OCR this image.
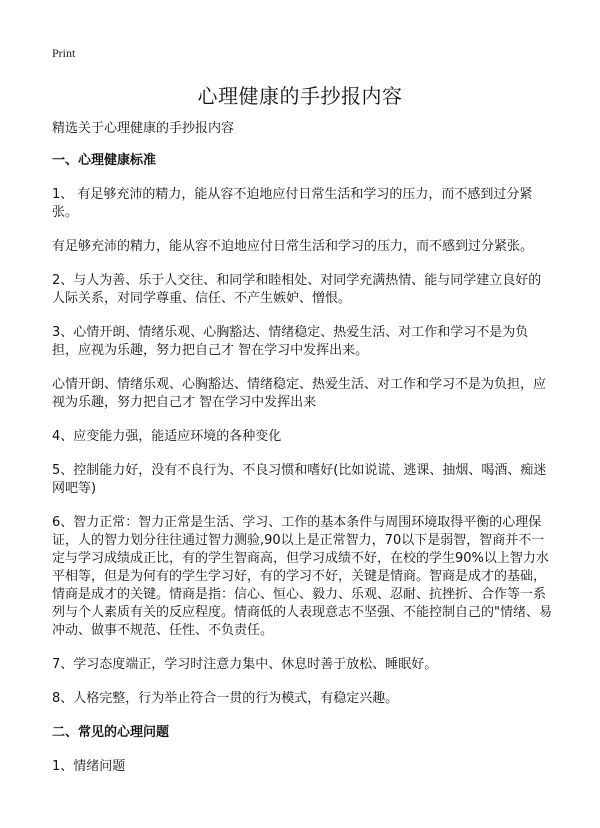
Print
心理健康的手抄报内容

精选关于心理健康的手抄报内容

一、心理健康标准

1、 有足够充沛的精力，能从容不迫地应付日常生活和学习的压力，而不感到过分紧张。

有足够充沛的精力，能从容不迫地应付日常生活和学习的压力，而不感到过分紧张。

2、与人为善、乐于人交往、和同学和睦相处、对同学充满热情、能与同学建立良好的人际关系，对同学尊重、信任、不产生嫉妒、憎恨。

3、心情开朗、情绪乐观、心胸豁达、情绪稳定、热爱生活、对工作和学习不是为负担，应视为乐趣，努力把自己才 智在学习中发挥出来。

心情开朗、情绪乐观、心胸豁达、情绪稳定、热爱生活、对工作和学习不是为负担，应视为乐趣，努力把自己才 智在学习中发挥出来

4、应变能力强，能适应环境的各种变化

5、控制能力好，没有不良行为、不良习惯和嗜好(比如说谎、逃课、抽烟、喝酒、痴迷网吧等)

6、智力正常：智力正常是生活、学习、工作的基本条件与周围环境取得平衡的心理保证，人的智力划分往往通过智力测验,90以上是正常智力，70以下是弱智，智商并不一定与学习成绩成正比，有的学生智商高，但学习成绩不好，在校的学生90%以上智力水平相等，但是为何有的学生学习好，有的学习不好，关键是情商。智商是成才的基础，情商是成才的关键。情商是指：信心、恒心、毅力、乐观、忍耐、抗挫折、合作等一系列与个人素质有关的反应程度。情商低的人表现意志不坚强、不能控制自己的"情绪、易冲动、做事不规范、任性、不负责任。

7、学习态度端正，学习时注意力集中、休息时善于放松、睡眠好。

8、人格完整，行为举止符合一贯的行为模式，有稳定兴趣。

二、常见的心理问题

1、情绪问题
